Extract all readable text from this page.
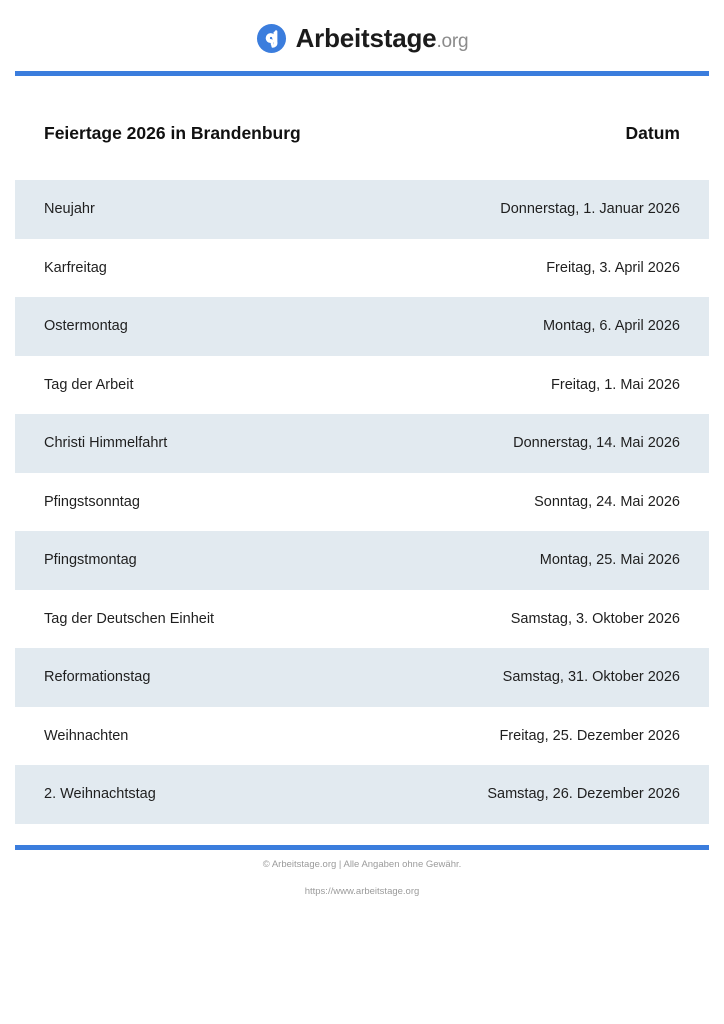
Arbeitstage.org
Feiertage 2026 in Brandenburg	Datum
Neujahr	Donnerstag, 1. Januar 2026
Karfreitag	Freitag, 3. April 2026
Ostermontag	Montag, 6. April 2026
Tag der Arbeit	Freitag, 1. Mai 2026
Christi Himmelfahrt	Donnerstag, 14. Mai 2026
Pfingstsonntag	Sonntag, 24. Mai 2026
Pfingstmontag	Montag, 25. Mai 2026
Tag der Deutschen Einheit	Samstag, 3. Oktober 2026
Reformationstag	Samstag, 31. Oktober 2026
Weihnachten	Freitag, 25. Dezember 2026
2. Weihnachtstag	Samstag, 26. Dezember 2026
© Arbeitstage.org | Alle Angaben ohne Gewähr.
https://www.arbeitstage.org
